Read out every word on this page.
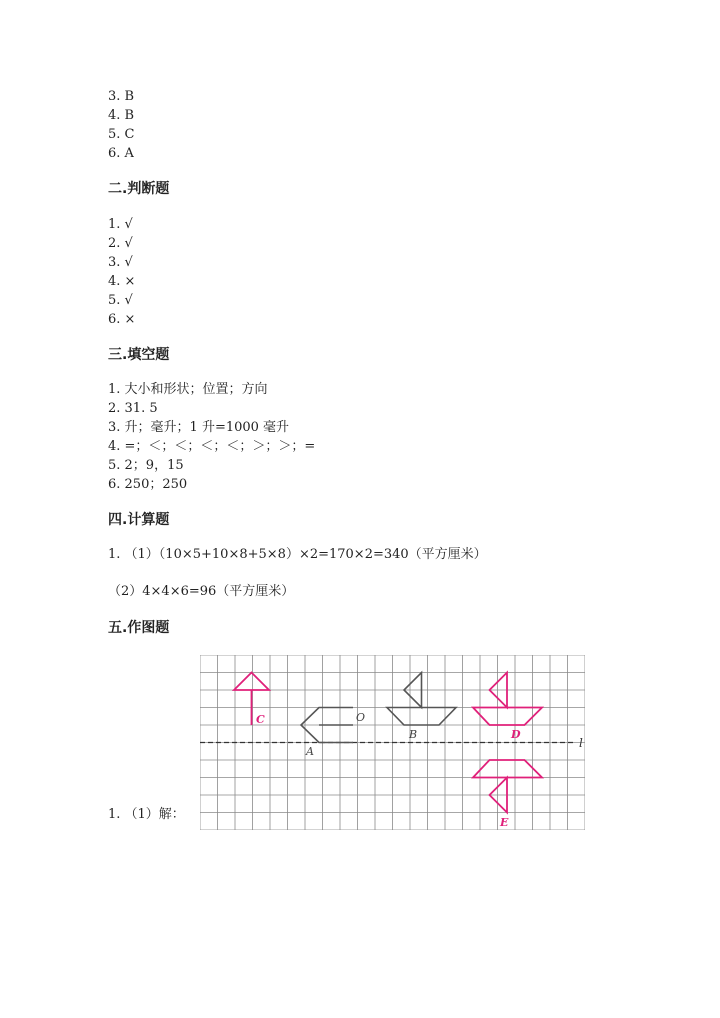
3. B
4. B
5. C
6. A
二.判断题
1. √
2. √
3. √
4. ×
5. √
6. ×
三.填空题
1. 大小和形状；位置；方向
2. 31. 5
3. 升；毫升；1 升=1000 毫升
4. =；＜；＜；＜；＜；＞；＞；=
5. 2；9，15
6. 250；250
四.计算题
1. （1）（10×5+10×8+5×8）×2=170×2=340（平方厘米）
（2）4×4×6=96（平方厘米）
五.作图题
1. （1）解：
l
A
O
B
C
D
E
